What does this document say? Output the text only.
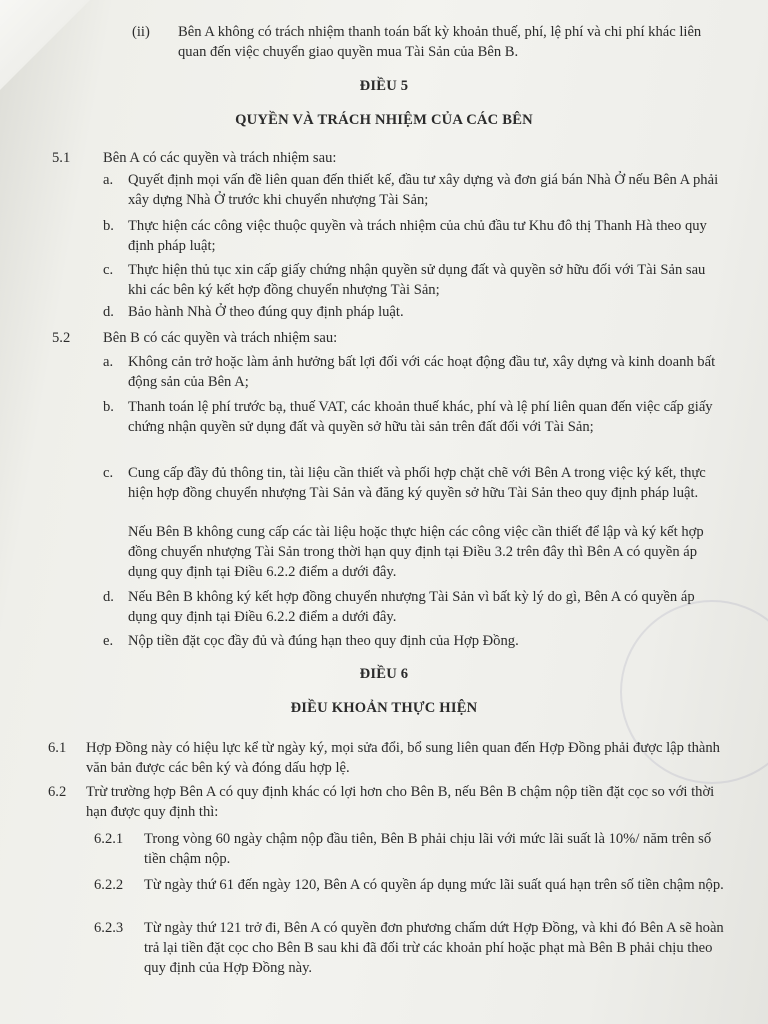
(ii) Bên A không có trách nhiệm thanh toán bất kỳ khoản thuế, phí, lệ phí và chi phí khác liên quan đến việc chuyển giao quyền mua Tài Sản của Bên B.
ĐIỀU 5
QUYỀN VÀ TRÁCH NHIỆM CỦA CÁC BÊN
5.1 Bên A có các quyền và trách nhiệm sau:
a. Quyết định mọi vấn đề liên quan đến thiết kế, đầu tư xây dựng và đơn giá bán Nhà Ở nếu Bên A phải xây dựng Nhà Ở trước khi chuyển nhượng Tài Sản;
b. Thực hiện các công việc thuộc quyền và trách nhiệm của chủ đầu tư Khu đô thị Thanh Hà theo quy định pháp luật;
c. Thực hiện thủ tục xin cấp giấy chứng nhận quyền sử dụng đất và quyền sở hữu đối với Tài Sản sau khi các bên ký kết hợp đồng chuyển nhượng Tài Sản;
d. Bảo hành Nhà Ở theo đúng quy định pháp luật.
5.2 Bên B có các quyền và trách nhiệm sau:
a. Không cản trở hoặc làm ảnh hưởng bất lợi đối với các hoạt động đầu tư, xây dựng và kinh doanh bất động sản của Bên A;
b. Thanh toán lệ phí trước bạ, thuế VAT, các khoản thuế khác, phí và lệ phí liên quan đến việc cấp giấy chứng nhận quyền sử dụng đất và quyền sở hữu tài sản trên đất đối với Tài Sản;
c. Cung cấp đầy đủ thông tin, tài liệu cần thiết và phối hợp chặt chẽ với Bên A trong việc ký kết, thực hiện hợp đồng chuyển nhượng Tài Sản và đăng ký quyền sở hữu Tài Sản theo quy định pháp luật.
Nếu Bên B không cung cấp các tài liệu hoặc thực hiện các công việc cần thiết để lập và ký kết hợp đồng chuyển nhượng Tài Sản trong thời hạn quy định tại Điều 3.2 trên đây thì Bên A có quyền áp dụng quy định tại Điều 6.2.2 điểm a dưới đây.
d. Nếu Bên B không ký kết hợp đồng chuyển nhượng Tài Sản vì bất kỳ lý do gì, Bên A có quyền áp dụng quy định tại Điều 6.2.2 điểm a dưới đây.
e. Nộp tiền đặt cọc đầy đủ và đúng hạn theo quy định của Hợp Đồng.
ĐIỀU 6
ĐIỀU KHOẢN THỰC HIỆN
6.1 Hợp Đồng này có hiệu lực kể từ ngày ký, mọi sửa đổi, bổ sung liên quan đến Hợp Đồng phải được lập thành văn bản được các bên ký và đóng dấu hợp lệ.
6.2 Trừ trường hợp Bên A có quy định khác có lợi hơn cho Bên B, nếu Bên B chậm nộp tiền đặt cọc so với thời hạn được quy định thì:
6.2.1 Trong vòng 60 ngày chậm nộp đầu tiên, Bên B phải chịu lãi với mức lãi suất là 10%/ năm trên số tiền chậm nộp.
6.2.2 Từ ngày thứ 61 đến ngày 120, Bên A có quyền áp dụng mức lãi suất quá hạn trên số tiền chậm nộp.
6.2.3 Từ ngày thứ 121 trở đi, Bên A có quyền đơn phương chấm dứt Hợp Đồng, và khi đó Bên A sẽ hoàn trả lại tiền đặt cọc cho Bên B sau khi đã đối trừ các khoản phí hoặc phạt mà Bên B phải chịu theo quy định của Hợp Đồng này.
